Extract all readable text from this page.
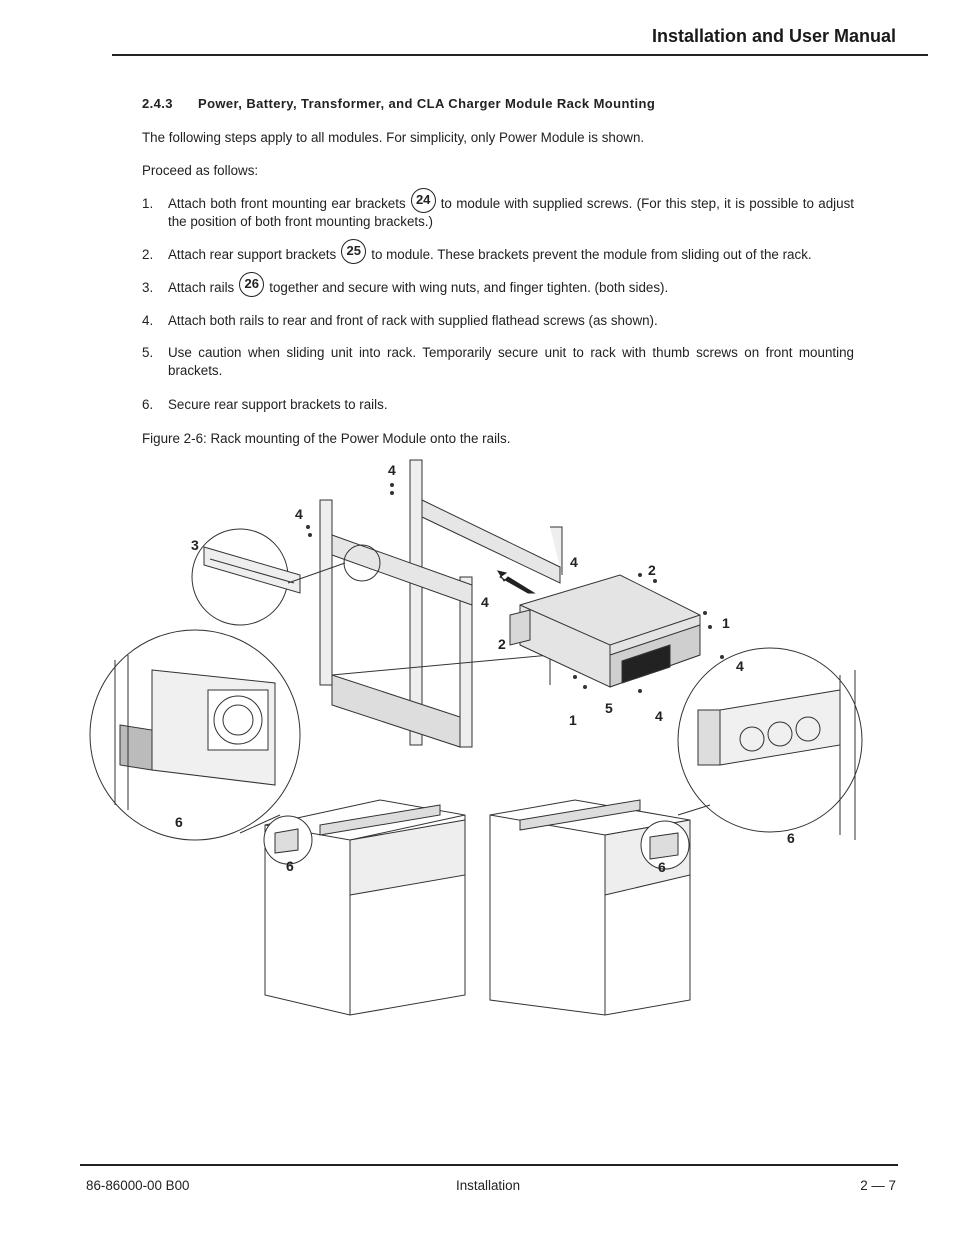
Installation and User Manual
2.4.3 Power, Battery, Transformer, and CLA Charger Module Rack Mounting
The following steps apply to all modules. For simplicity, only Power Module is shown.
Proceed as follows:
1. Attach both front mounting ear brackets 24 to module with supplied screws. (For this step, it is possible to adjust the position of both front mounting brackets.)
2. Attach rear support brackets 25 to module. These brackets prevent the module from sliding out of the rack.
3. Attach rails 26 together and secure with wing nuts, and finger tighten. (both sides).
4. Attach both rails to rear and front of rack with supplied flathead screws (as shown).
5. Use caution when sliding unit into rack. Temporarily secure unit to rack with thumb screws on front mounting brackets.
6. Secure rear support brackets to rails.
Figure 2-6: Rack mounting of the Power Module onto the rails.
4
4
3
4	2
4
2
1
4
1
5	4
6
6	6
6
86-86000-00 B00	Installation	2 — 7
